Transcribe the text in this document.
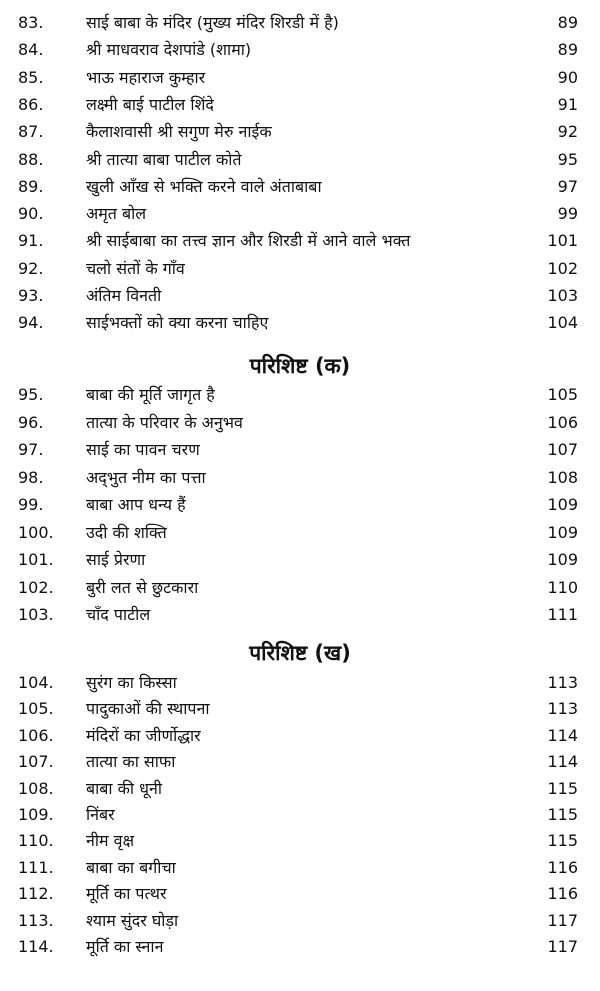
83.	साई बाबा के मंदिर (मुख्य मंदिर शिरडी में है)	89
84.	श्री माधवराव देशपांडे (शामा)	89
85.	भाऊ महाराज कुम्हार	90
86.	लक्ष्मी बाई पाटील शिंदे	91
87.	कैलाशवासी श्री सगुण मेरु नाईक	92
88.	श्री तात्या बाबा पाटील कोते	95
89.	खुली आँख से भक्ति करने वाले अंताबाबा	97
90.	अमृत बोल	99
91.	श्री साईबाबा का तत्त्व ज्ञान और शिरडी में आने वाले भक्त	101
92.	चलो संतों के गाँव	102
93.	अंतिम विनती	103
94.	साईभक्तों को क्या करना चाहिए	104
परिशिष्ट (क)
95.	बाबा की मूर्ति जागृत है	105
96.	तात्या के परिवार के अनुभव	106
97.	साई का पावन चरण	107
98.	अद्‌भुत नीम का पत्ता	108
99.	बाबा आप धन्य हैं	109
100.	उदी की शक्ति	109
101.	साई प्रेरणा	109
102.	बुरी लत से छुटकारा	110
103.	चाँद पाटील	111
परिशिष्ट (ख)
104.	सुरंग का किस्सा	113
105.	पादुकाओं की स्थापना	113
106.	मंदिरों का जीर्णोद्धार	114
107.	तात्या का साफा	114
108.	बाबा की धूनी	115
109.	निंबर	115
110.	नीम वृक्ष	115
111.	बाबा का बगीचा	116
112.	मूर्ति का पत्थर	116
113.	श्याम सुंदर घोड़ा	117
114.	मूर्ति का स्नान	117
